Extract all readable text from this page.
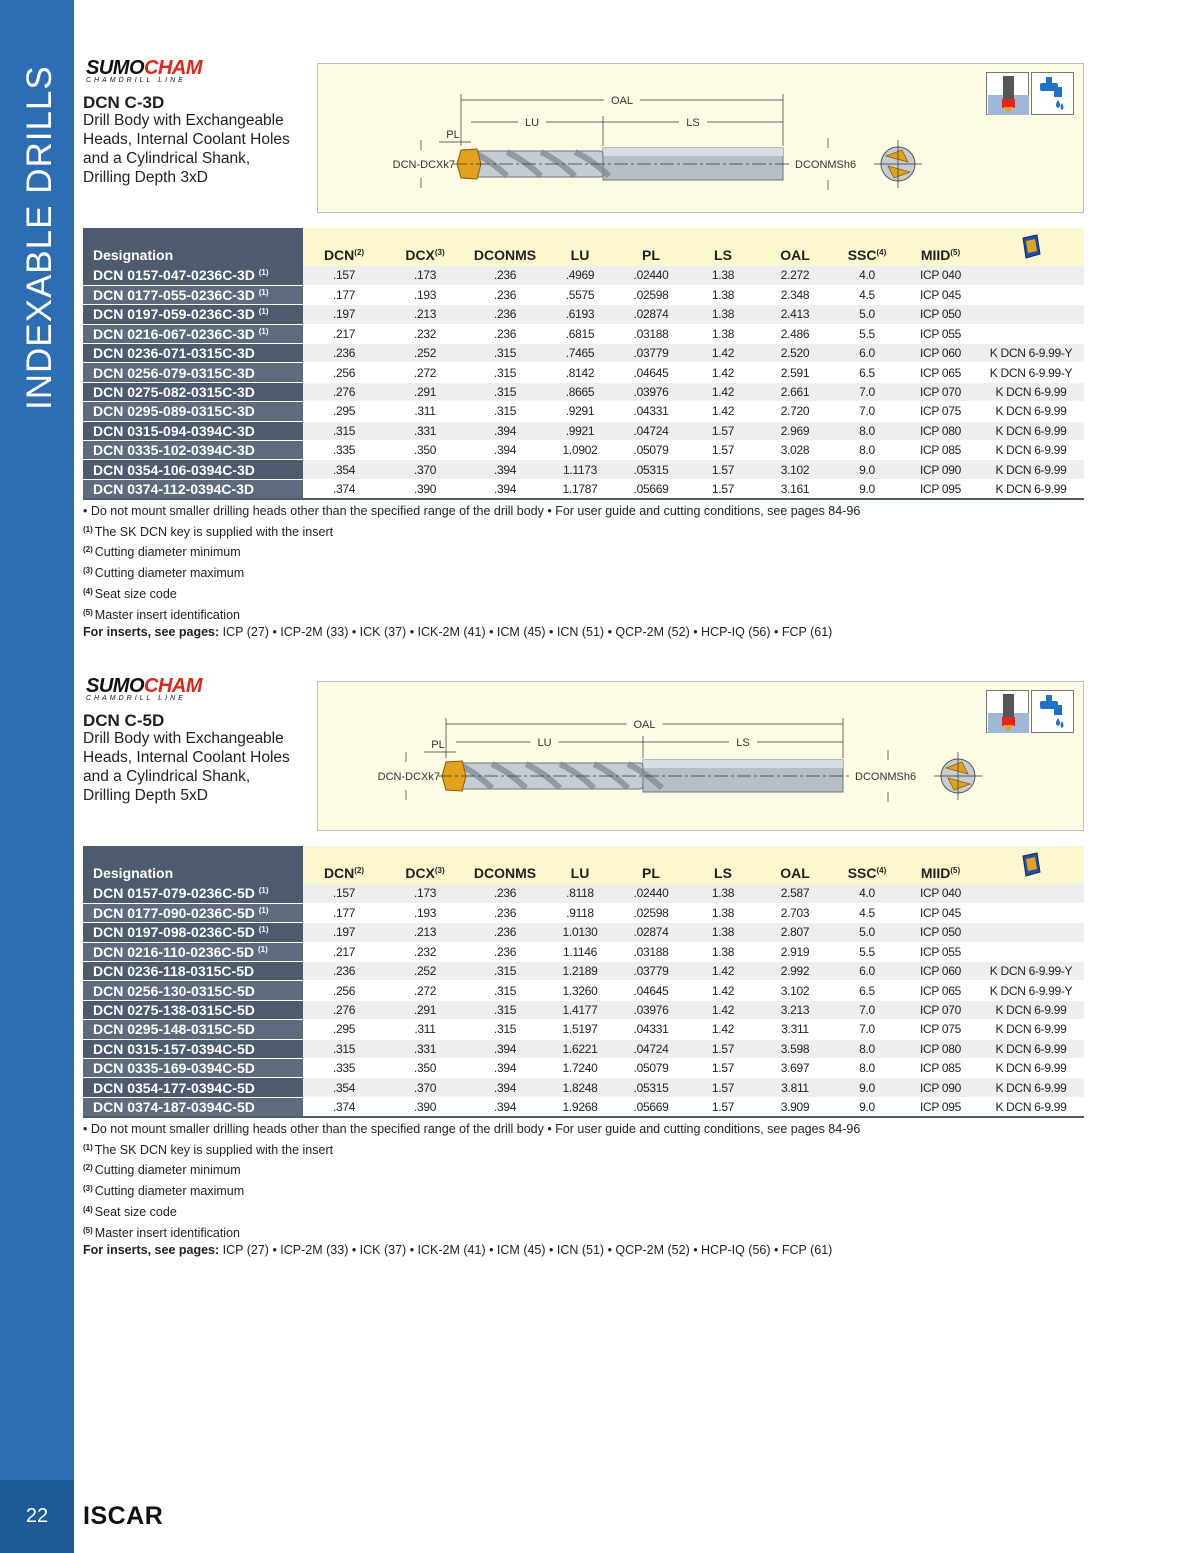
INDEXABLE DRILLS
22	ISCAR
SUMOCHAM
CHAMDRILL LINE
DCN C-3D
Drill Body with Exchangeable Heads, Internal Coolant Holes and a Cylindrical Shank, Drilling Depth 3xD
OAL
LU	LS
PL
DCN-DCXk7	DCONMSh6
Designation	DCN$^{(2)}$	DCX$^{(3)}$	DCONMS	LU	PL	LS	OAL	SSC$^{(4)}$	MIID$^{(5)}$	
DCN 0157-047-0236C-3D $^{(1)}$	.157	.173	.236	.4969	.02440	1.38	2.272	4.0	ICP 040	
DCN 0177-055-0236C-3D $^{(1)}$	.177	.193	.236	.5575	.02598	1.38	2.348	4.5	ICP 045	
DCN 0197-059-0236C-3D $^{(1)}$	.197	.213	.236	.6193	.02874	1.38	2.413	5.0	ICP 050	
DCN 0216-067-0236C-3D $^{(1)}$	.217	.232	.236	.6815	.03188	1.38	2.486	5.5	ICP 055	
DCN 0236-071-0315C-3D	.236	.252	.315	.7465	.03779	1.42	2.520	6.0	ICP 060	K DCN 6-9.99-Y
DCN 0256-079-0315C-3D	.256	.272	.315	.8142	.04645	1.42	2.591	6.5	ICP 065	K DCN 6-9.99-Y
DCN 0275-082-0315C-3D	.276	.291	.315	.8665	.03976	1.42	2.661	7.0	ICP 070	K DCN 6-9.99
DCN 0295-089-0315C-3D	.295	.311	.315	.9291	.04331	1.42	2.720	7.0	ICP 075	K DCN 6-9.99
DCN 0315-094-0394C-3D	.315	.331	.394	.9921	.04724	1.57	2.969	8.0	ICP 080	K DCN 6-9.99
DCN 0335-102-0394C-3D	.335	.350	.394	1.0902	.05079	1.57	3.028	8.0	ICP 085	K DCN 6-9.99
DCN 0354-106-0394C-3D	.354	.370	.394	1.1173	.05315	1.57	3.102	9.0	ICP 090	K DCN 6-9.99
DCN 0374-112-0394C-3D	.374	.390	.394	1.1787	.05669	1.57	3.161	9.0	ICP 095	K DCN 6-9.99
• Do not mount smaller drilling heads other than the specified range of the drill body • For user guide and cutting conditions, see pages 84-96
$^{(1)}$ The SK DCN key is supplied with the insert
$^{(2)}$ Cutting diameter minimum
$^{(3)}$ Cutting diameter maximum
$^{(4)}$ Seat size code
$^{(5)}$ Master insert identification
For inserts, see pages: ICP (27) • ICP-2M (33) • ICK (37) • ICK-2M (41) • ICM (45) • ICN (51) • QCP-2M (52) • HCP-IQ (56) • FCP (61)
SUMOCHAM
CHAMDRILL LINE
DCN C-5D
Drill Body with Exchangeable Heads, Internal Coolant Holes and a Cylindrical Shank, Drilling Depth 5xD
OAL
LU	LS
PL
DCN-DCXk7	DCONMSh6
Designation	DCN$^{(2)}$	DCX$^{(3)}$	DCONMS	LU	PL	LS	OAL	SSC$^{(4)}$	MIID$^{(5)}$	
DCN 0157-079-0236C-5D $^{(1)}$	.157	.173	.236	.8118	.02440	1.38	2.587	4.0	ICP 040	
DCN 0177-090-0236C-5D $^{(1)}$	.177	.193	.236	.9118	.02598	1.38	2.703	4.5	ICP 045	
DCN 0197-098-0236C-5D $^{(1)}$	.197	.213	.236	1.0130	.02874	1.38	2.807	5.0	ICP 050	
DCN 0216-110-0236C-5D $^{(1)}$	.217	.232	.236	1.1146	.03188	1.38	2.919	5.5	ICP 055	
DCN 0236-118-0315C-5D	.236	.252	.315	1.2189	.03779	1.42	2.992	6.0	ICP 060	K DCN 6-9.99-Y
DCN 0256-130-0315C-5D	.256	.272	.315	1.3260	.04645	1.42	3.102	6.5	ICP 065	K DCN 6-9.99-Y
DCN 0275-138-0315C-5D	.276	.291	.315	1.4177	.03976	1.42	3.213	7.0	ICP 070	K DCN 6-9.99
DCN 0295-148-0315C-5D	.295	.311	.315	1.5197	.04331	1.42	3.311	7.0	ICP 075	K DCN 6-9.99
DCN 0315-157-0394C-5D	.315	.331	.394	1.6221	.04724	1.57	3.598	8.0	ICP 080	K DCN 6-9.99
DCN 0335-169-0394C-5D	.335	.350	.394	1.7240	.05079	1.57	3.697	8.0	ICP 085	K DCN 6-9.99
DCN 0354-177-0394C-5D	.354	.370	.394	1.8248	.05315	1.57	3.811	9.0	ICP 090	K DCN 6-9.99
DCN 0374-187-0394C-5D	.374	.390	.394	1.9268	.05669	1.57	3.909	9.0	ICP 095	K DCN 6-9.99
• Do not mount smaller drilling heads other than the specified range of the drill body • For user guide and cutting conditions, see pages 84-96
$^{(1)}$ The SK DCN key is supplied with the insert
$^{(2)}$ Cutting diameter minimum
$^{(3)}$ Cutting diameter maximum
$^{(4)}$ Seat size code
$^{(5)}$ Master insert identification
For inserts, see pages: ICP (27) • ICP-2M (33) • ICK (37) • ICK-2M (41) • ICM (45) • ICN (51) • QCP-2M (52) • HCP-IQ (56) • FCP (61)
